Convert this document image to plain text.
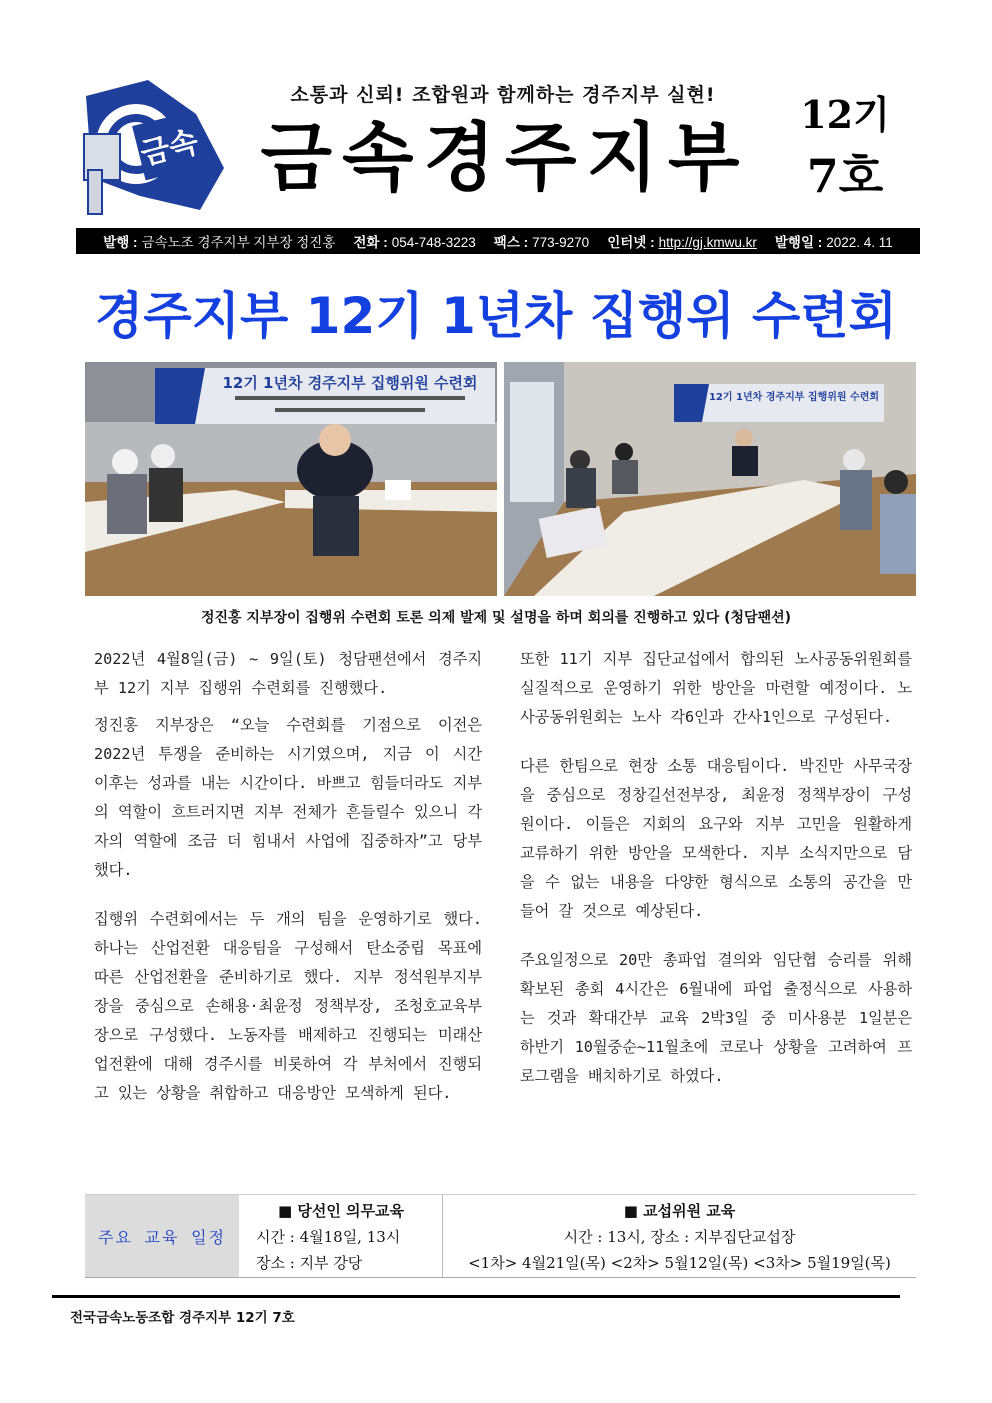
금속
소통과 신뢰! 조합원과 함께하는 경주지부 실현!
금속경주지부
12기
7호
발행 : 금속노조 경주지부 지부장 정진홍 전화 : 054-748-3223 팩스 : 773-9270 인터넷 : http://gj.kmwu.kr 발행일 : 2022. 4. 11
경주지부 12기 1년차 집행위 수련회
12기 1년차 경주지부 집행위원 수련회
12기 1년차 경주지부 집행위원 수련회
정진홍 지부장이 집행위 수련회 토론 의제 발제 및 설명을 하며 회의를 진행하고 있다 (청담팬션)

2022년 4월8일(금) ~ 9일(토) 청담팬션에서 경주지부 12기 지부 집행위 수련회를 진행했다.

정진홍 지부장은 “오늘 수련회를 기점으로 이전은 2022년 투쟁을 준비하는 시기였으며, 지금 이 시간 이후는 성과를 내는 시간이다. 바쁘고 힘들더라도 지부의 역할이 흐트러지면 지부 전체가 흔들릴수 있으니 각자의 역할에 조금 더 힘내서 사업에 집중하자”고 당부했다.

집행위 수련회에서는 두 개의 팀을 운영하기로 했다. 하나는 산업전환 대응팀을 구성해서 탄소중립 목표에 따른 산업전환을 준비하기로 했다. 지부 정석원부지부장을 중심으로 손해용·최윤정 정책부장, 조청호교육부장으로 구성했다. 노동자를 배제하고 진행되는 미래산업전환에 대해 경주시를 비롯하여 각 부처에서 진행되고 있는 상황을 취합하고 대응방안 모색하게 된다.

또한 11기 지부 집단교섭에서 합의된 노사공동위원회를 실질적으로 운영하기 위한 방안을 마련할 예정이다. 노사공동위원회는 노사 각6인과 간사1인으로 구성된다.

다른 한팀으로 현장 소통 대응팀이다. 박진만 사무국장을 중심으로 정창길선전부장, 최윤정 정책부장이 구성원이다. 이들은 지회의 요구와 지부 고민을 원활하게 교류하기 위한 방안을 모색한다. 지부 소식지만으로 담을 수 없는 내용을 다양한 형식으로 소통의 공간을 만들어 갈 것으로 예상된다.

주요일정으로 20만 총파업 결의와 임단협 승리를 위해 확보된 총회 4시간은 6월내에 파업 출정식으로 사용하는 것과 확대간부 교육 2박3일 중 미사용분 1일분은 하반기 10월중순~11월초에 코로나 상황을 고려하여 프로그램을 배치하기로 하였다.

주요 교육 일정
■ 당선인 의무교육
시간 : 4월18일, 13시
장소 : 지부 강당
■ 교섭위원 교육
시간 : 13시, 장소 : 지부집단교섭장
<1차> 4월21일(목) <2차> 5월12일(목) <3차> 5월19일(목)
전국금속노동조합 경주지부 12기 7호
